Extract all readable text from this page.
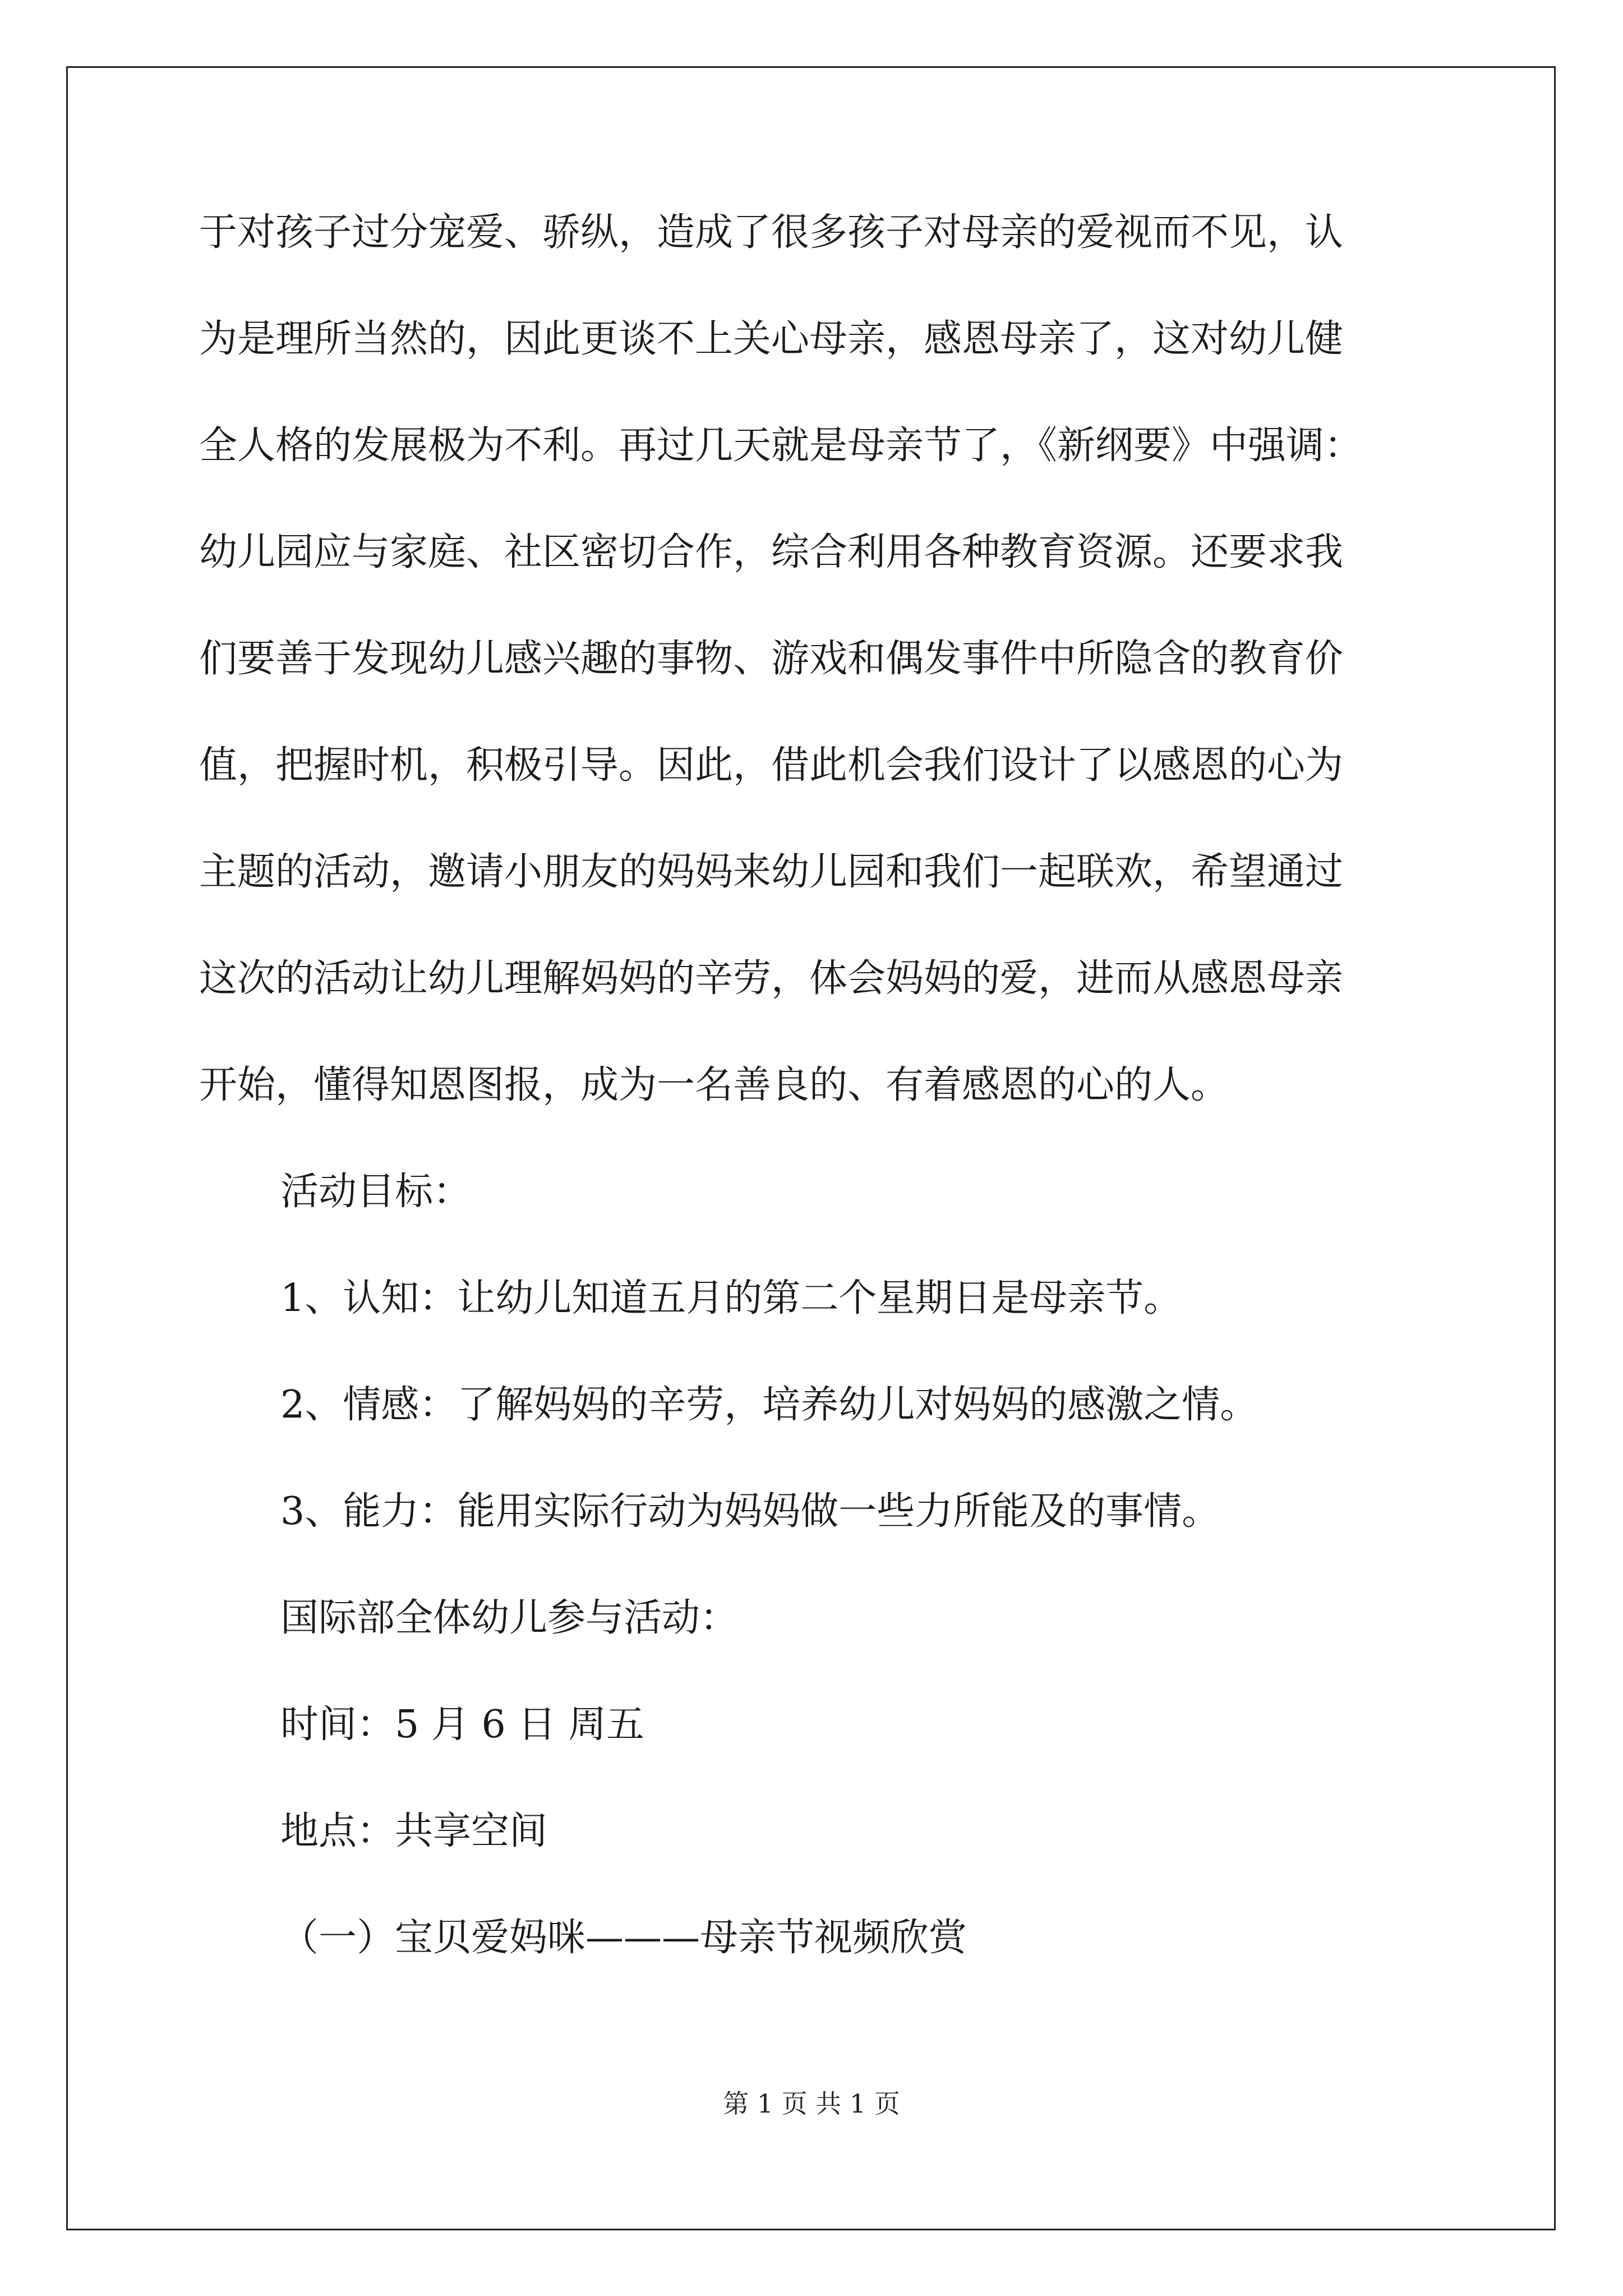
于对孩子过分宠爱、骄纵，造成了很多孩子对母亲的爱视而不见，认
为是理所当然的，因此更谈不上关心母亲，感恩母亲了，这对幼儿健
全人格的发展极为不利。再过几天就是母亲节了，《新纲要》中强调：
幼儿园应与家庭、社区密切合作，综合利用各种教育资源。还要求我
们要善于发现幼儿感兴趣的事物、游戏和偶发事件中所隐含的教育价
值，把握时机，积极引导。因此，借此机会我们设计了以感恩的心为
主题的活动，邀请小朋友的妈妈来幼儿园和我们一起联欢，希望通过
这次的活动让幼儿理解妈妈的辛劳，体会妈妈的爱，进而从感恩母亲
开始，懂得知恩图报，成为一名善良的、有着感恩的心的人。
活动目标：
1、认知：让幼儿知道五月的第二个星期日是母亲节。
2、情感：了解妈妈的辛劳，培养幼儿对妈妈的感激之情。
3、能力：能用实际行动为妈妈做一些力所能及的事情。
国际部全体幼儿参与活动：
时间：5 月 6 日 周五
地点：共享空间
（一）宝贝爱妈咪———母亲节视频欣赏
第 1 页 共 1 页
